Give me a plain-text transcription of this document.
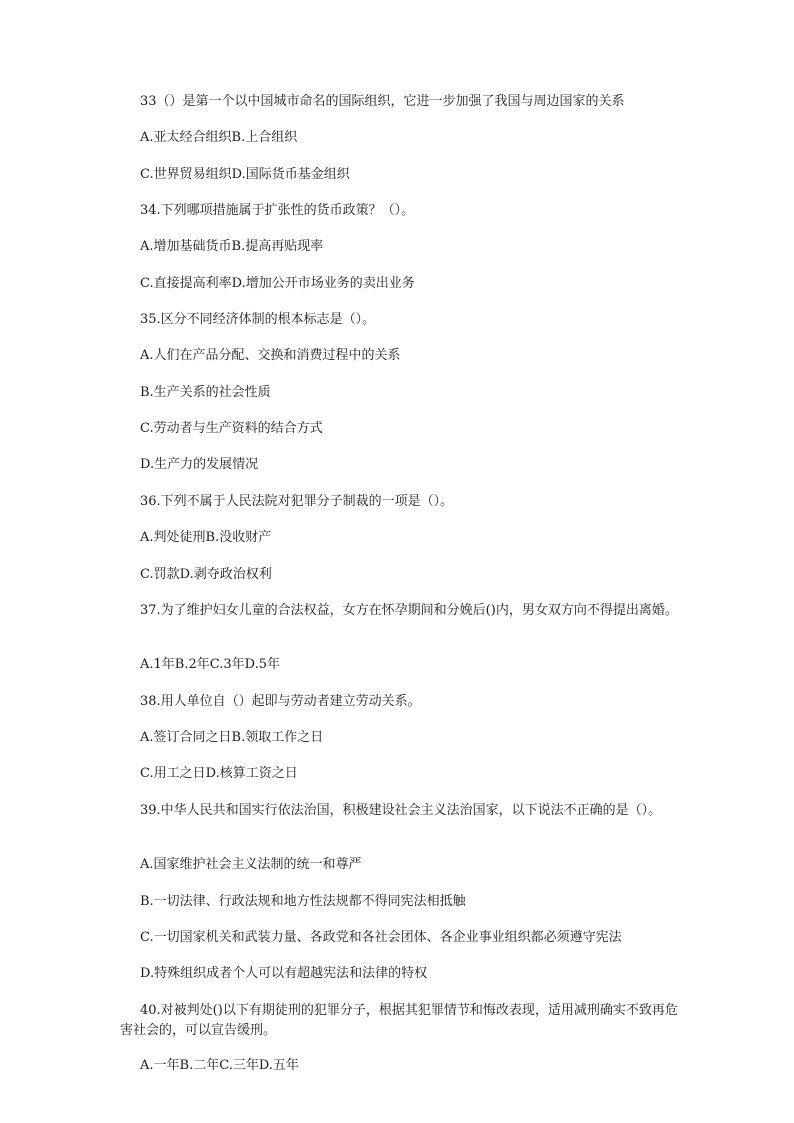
33（）是第一个以中国城市命名的国际组织，它进一步加强了我国与周边国家的关系
A.亚太经合组织B.上合组织
C.世界贸易组织D.国际货币基金组织
34.下列哪项措施属于扩张性的货币政策？（）。
A.增加基础货币B.提高再贴现率
C.直接提高利率D.增加公开市场业务的卖出业务
35.区分不同经济体制的根本标志是（）。
A.人们在产品分配、交换和消费过程中的关系
B.生产关系的社会性质
C.劳动者与生产资料的结合方式
D.生产力的发展情况
36.下列不属于人民法院对犯罪分子制裁的一项是（）。
A.判处徒刑B.没收财产
C.罚款D.剥夺政治权利
37.为了维护妇女儿童的合法权益，女方在怀孕期间和分娩后()内，男女双方向不得提出离婚。
A.1年B.2年C.3年D.5年
38.用人单位自（）起即与劳动者建立劳动关系。
A.签订合同之日B.领取工作之日
C.用工之日D.核算工资之日
39.中华人民共和国实行依法治国，积极建设社会主义法治国家，以下说法不正确的是（）。
A.国家维护社会主义法制的统一和尊严
B.一切法律、行政法规和地方性法规都不得同宪法相抵触
C.一切国家机关和武装力量、各政党和各社会团体、各企业事业组织都必须遵守宪法
D.特殊组织成者个人可以有超越宪法和法律的特权
40.对被判处()以下有期徒刑的犯罪分子，根据其犯罪情节和悔改表现，适用减刑确实不致再危害社会的，可以宣告缓刑。
A.一年B.二年C.三年D.五年
